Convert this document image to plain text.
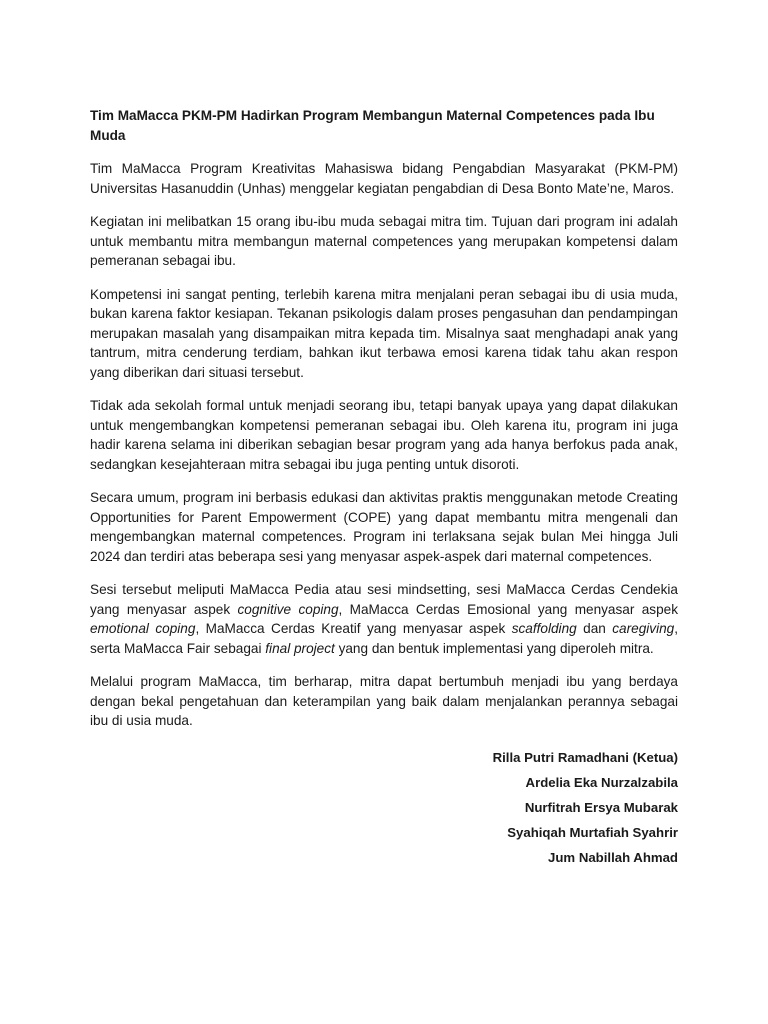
Tim MaMacca PKM-PM Hadirkan Program Membangun Maternal Competences pada Ibu Muda

Tim MaMacca Program Kreativitas Mahasiswa bidang Pengabdian Masyarakat (PKM-PM) Universitas Hasanuddin (Unhas) menggelar kegiatan pengabdian di Desa Bonto Mate’ne, Maros.

Kegiatan ini melibatkan 15 orang ibu-ibu muda sebagai mitra tim. Tujuan dari program ini adalah untuk membantu mitra membangun maternal competences yang merupakan kompetensi dalam pemeranan sebagai ibu.

Kompetensi ini sangat penting, terlebih karena mitra menjalani peran sebagai ibu di usia muda, bukan karena faktor kesiapan. Tekanan psikologis dalam proses pengasuhan dan pendampingan merupakan masalah yang disampaikan mitra kepada tim. Misalnya saat menghadapi anak yang tantrum, mitra cenderung terdiam, bahkan ikut terbawa emosi karena tidak tahu akan respon yang diberikan dari situasi tersebut.

Tidak ada sekolah formal untuk menjadi seorang ibu, tetapi banyak upaya yang dapat dilakukan untuk mengembangkan kompetensi pemeranan sebagai ibu. Oleh karena itu, program ini juga hadir karena selama ini diberikan sebagian besar program yang ada hanya berfokus pada anak, sedangkan kesejahteraan mitra sebagai ibu juga penting untuk disoroti.

Secara umum, program ini berbasis edukasi dan aktivitas praktis menggunakan metode Creating Opportunities for Parent Empowerment (COPE) yang dapat membantu mitra mengenali dan mengembangkan maternal competences. Program ini terlaksana sejak bulan Mei hingga Juli 2024 dan terdiri atas beberapa sesi yang menyasar aspek-aspek dari maternal competences.

Sesi tersebut meliputi MaMacca Pedia atau sesi mindsetting, sesi MaMacca Cerdas Cendekia yang menyasar aspek cognitive coping, MaMacca Cerdas Emosional yang menyasar aspek emotional coping, MaMacca Cerdas Kreatif yang menyasar aspek scaffolding dan caregiving, serta MaMacca Fair sebagai final project yang dan bentuk implementasi yang diperoleh mitra.

Melalui program MaMacca, tim berharap, mitra dapat bertumbuh menjadi ibu yang berdaya dengan bekal pengetahuan dan keterampilan yang baik dalam menjalankan perannya sebagai ibu di usia muda.

Rilla Putri Ramadhani (Ketua)
Ardelia Eka Nurzalzabila
Nurfitrah Ersya Mubarak
Syahiqah Murtafiah Syahrir
Jum Nabillah Ahmad
